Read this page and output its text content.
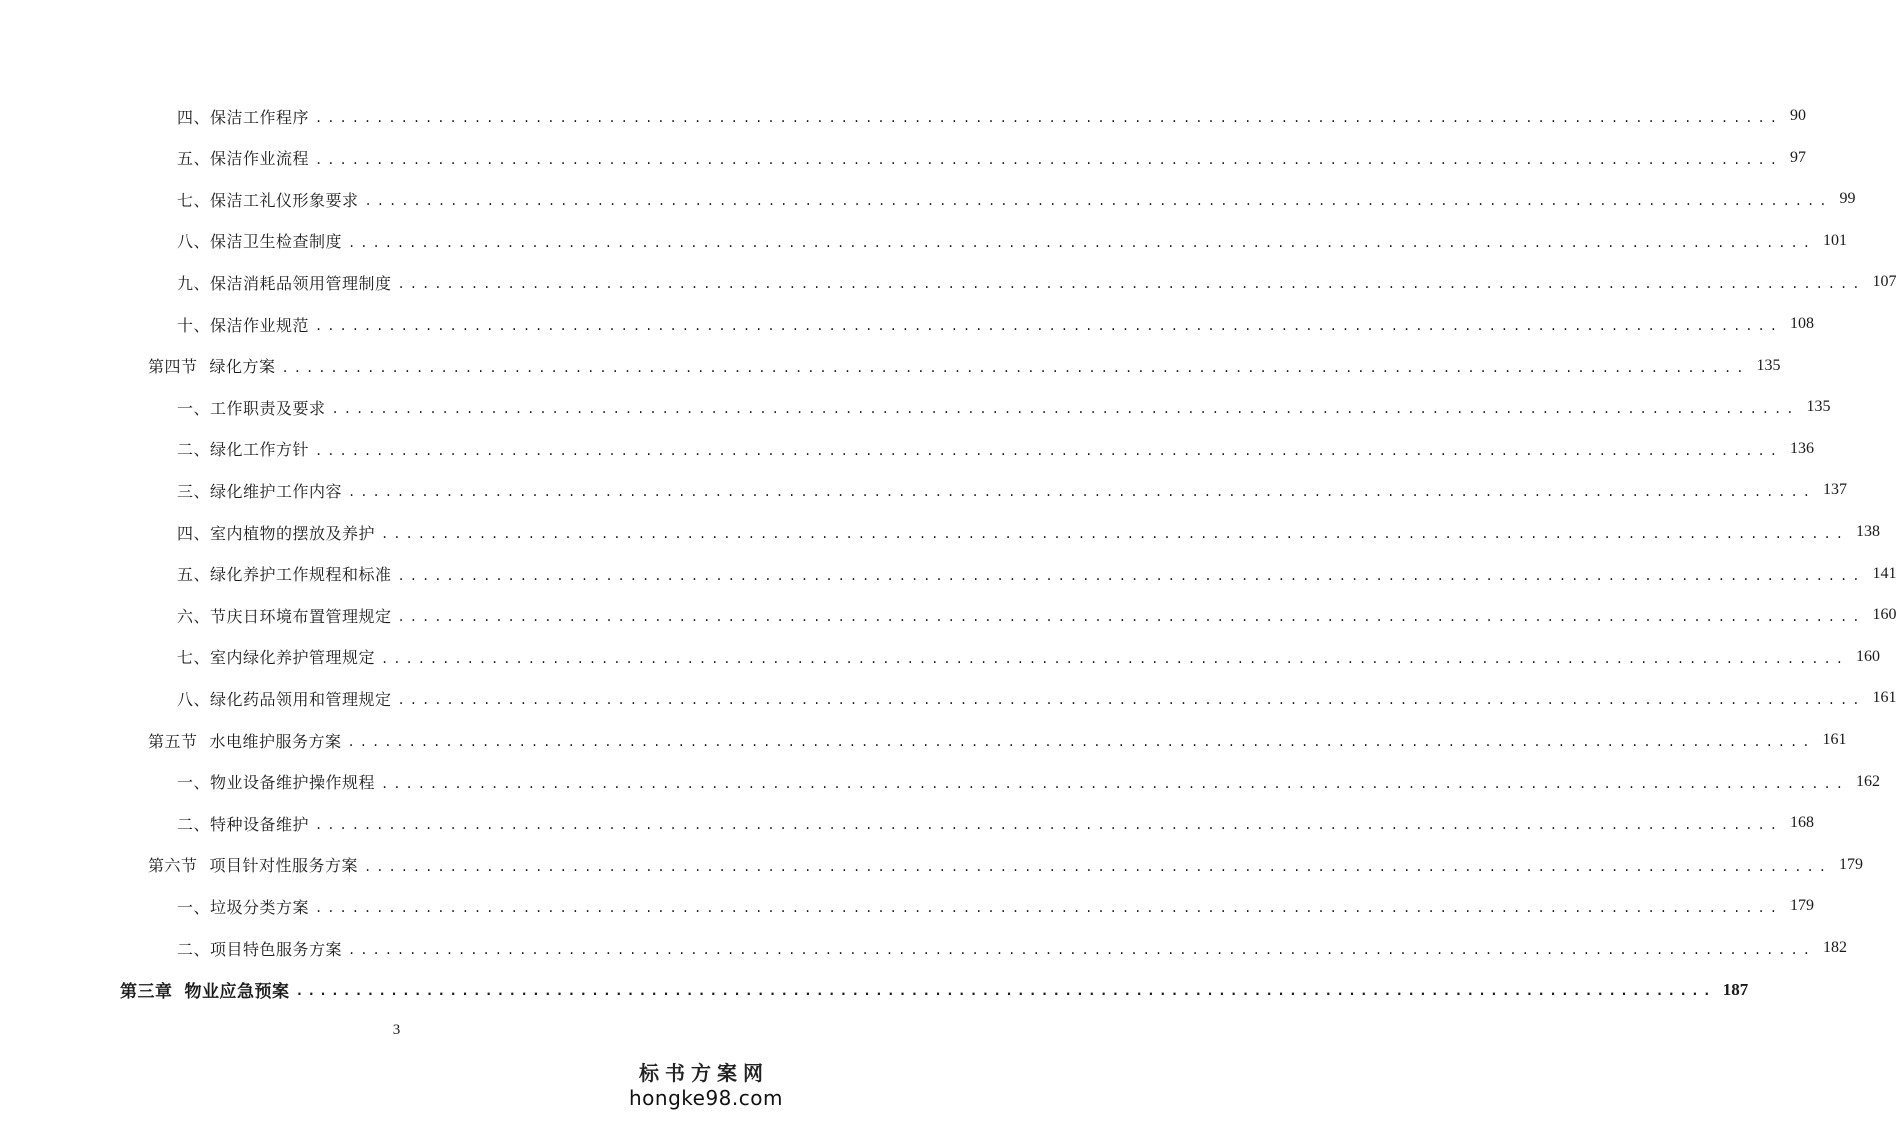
四、保洁工作程序 ........................................................................................................................ 90
五、保洁作业流程 ........................................................................................................................ 97
七、保洁工礼仪形象要求 ........................................................................................................................ 99
八、保洁卫生检查制度 ........................................................................................................................ 101
九、保洁消耗品领用管理制度 ........................................................................................................................ 107
十、保洁作业规范 ........................................................................................................................ 108
第四节 绿化方案 ........................................................................................................................ 135
一、工作职责及要求 ........................................................................................................................ 135
二、绿化工作方针 ........................................................................................................................ 136
三、绿化维护工作内容 ........................................................................................................................ 137
四、室内植物的摆放及养护 ........................................................................................................................ 138
五、绿化养护工作规程和标准 ........................................................................................................................ 141
六、节庆日环境布置管理规定 ........................................................................................................................ 160
七、室内绿化养护管理规定 ........................................................................................................................ 160
八、绿化药品领用和管理规定 ........................................................................................................................ 161
第五节 水电维护服务方案 ........................................................................................................................ 161
一、物业设备维护操作规程 ........................................................................................................................ 162
二、特种设备维护 ........................................................................................................................ 168
第六节 项目针对性服务方案 ........................................................................................................................ 179
一、垃圾分类方案 ........................................................................................................................ 179
二、项目特色服务方案 ........................................................................................................................ 182
第三章 物业应急预案 ........................................................................................................................ 187
3
标书方案网
hongke98.com
